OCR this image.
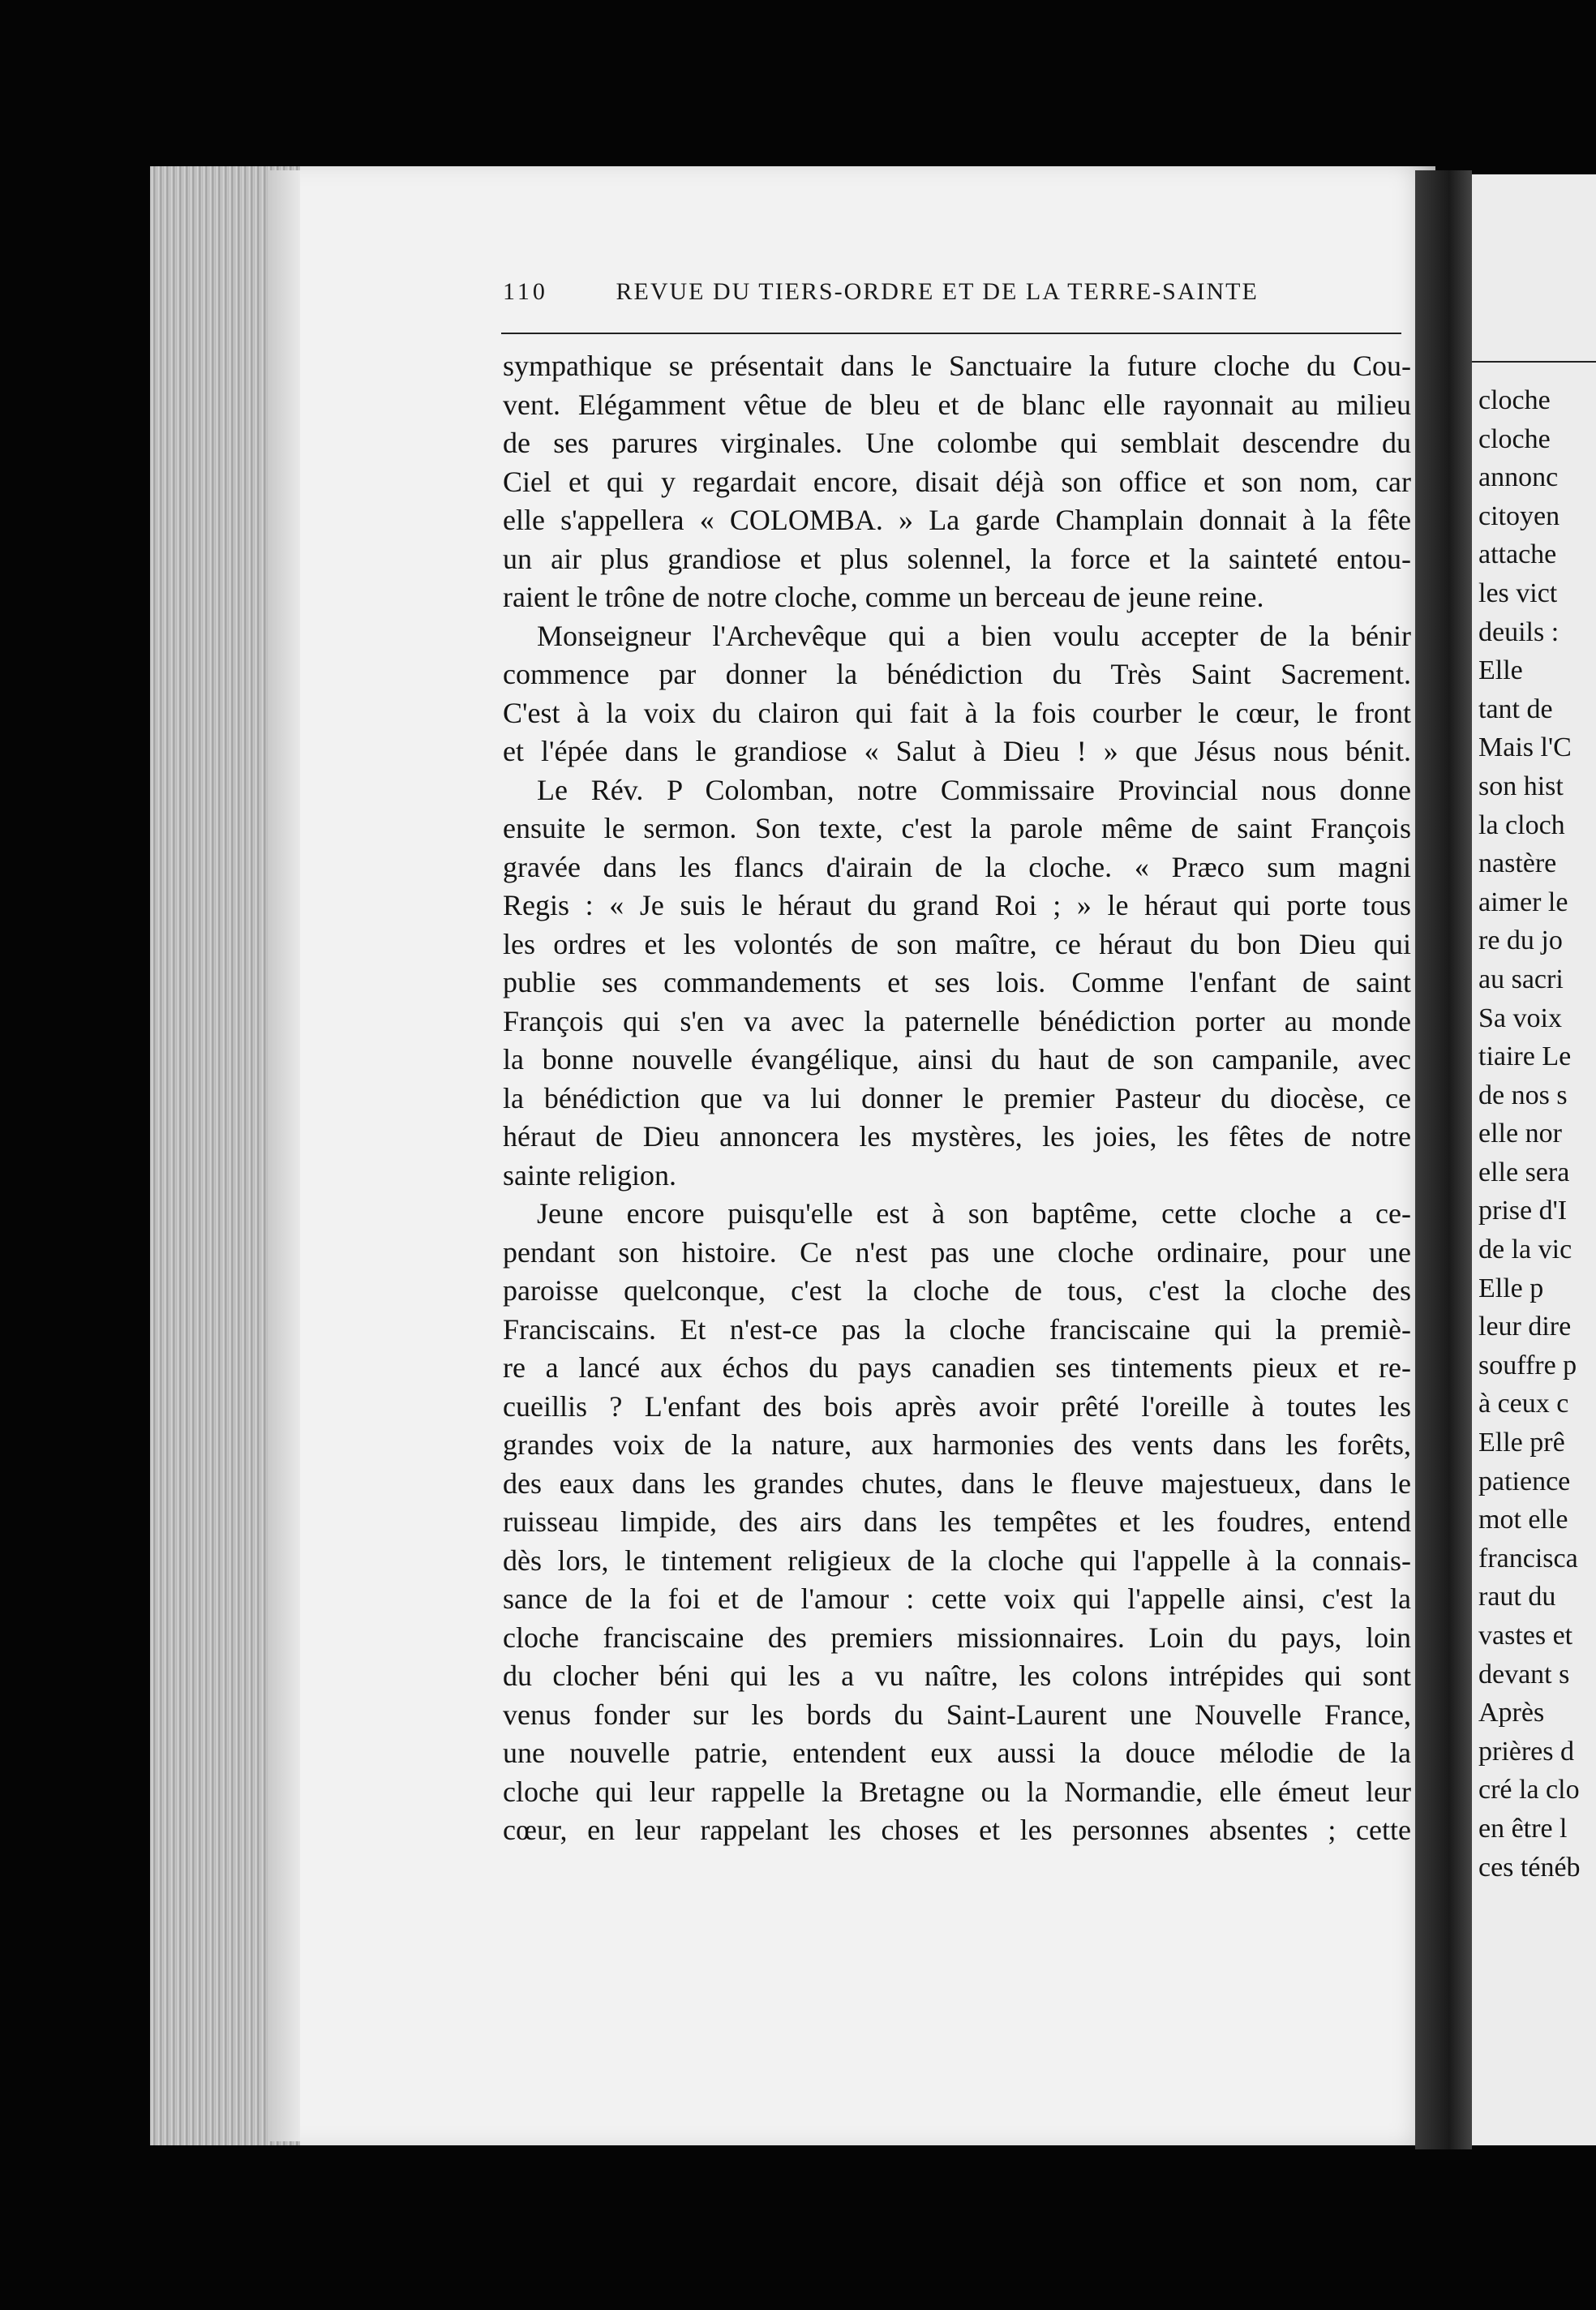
cloche
cloche
annonc
citoyen
attache
les vict
deuils :
Elle
tant de
Mais l'C
son hist
la cloch
nastère
aimer le
re du jo
au sacri
Sa voix
tiaire Le
de nos s
elle nor
elle sera
prise d'I
de la vic
Elle p
leur dire
souffre p
à ceux c
Elle prê
patience
mot elle
francisca
raut du
vastes et
devant s
Après
prières d
cré la clo
en être l
ces ténéb
110	REVUE DU TIERS-ORDRE ET DE LA TERRE-SAINTE
sympathique se présentait dans le Sanctuaire la future cloche du Cou-
vent. Elégamment vêtue de bleu et de blanc elle rayonnait au milieu
de ses parures virginales. Une colombe qui semblait descendre du
Ciel et qui y regardait encore, disait déjà son office et son nom, car
elle s'appellera « COLOMBA. » La garde Champlain donnait à la fête
un air plus grandiose et plus solennel, la force et la sainteté entou-
raient le trône de notre cloche, comme un berceau de jeune reine.
Monseigneur l'Archevêque qui a bien voulu accepter de la bénir
commence par donner la bénédiction du Très Saint Sacrement.
C'est à la voix du clairon qui fait à la fois courber le cœur, le front
et l'épée dans le grandiose « Salut à Dieu ! » que Jésus nous bénit.
Le Rév. P Colomban, notre Commissaire Provincial nous donne
ensuite le sermon. Son texte, c'est la parole même de saint François
gravée dans les flancs d'airain de la cloche. « Præco sum magni
Regis : « Je suis le héraut du grand Roi ; » le héraut qui porte tous
les ordres et les volontés de son maître, ce héraut du bon Dieu qui
publie ses commandements et ses lois. Comme l'enfant de saint
François qui s'en va avec la paternelle bénédiction porter au monde
la bonne nouvelle évangélique, ainsi du haut de son campanile, avec
la bénédiction que va lui donner le premier Pasteur du diocèse, ce
héraut de Dieu annoncera les mystères, les joies, les fêtes de notre
sainte religion.
Jeune encore puisqu'elle est à son baptême, cette cloche a ce-
pendant son histoire. Ce n'est pas une cloche ordinaire, pour une
paroisse quelconque, c'est la cloche de tous, c'est la cloche des
Franciscains. Et n'est-ce pas la cloche franciscaine qui la premiè-
re a lancé aux échos du pays canadien ses tintements pieux et re-
cueillis ? L'enfant des bois après avoir prêté l'oreille à toutes les
grandes voix de la nature, aux harmonies des vents dans les forêts,
des eaux dans les grandes chutes, dans le fleuve majestueux, dans le
ruisseau limpide, des airs dans les tempêtes et les foudres, entend
dès lors, le tintement religieux de la cloche qui l'appelle à la connais-
sance de la foi et de l'amour : cette voix qui l'appelle ainsi, c'est la
cloche franciscaine des premiers missionnaires. Loin du pays, loin
du clocher béni qui les a vu naître, les colons intrépides qui sont
venus fonder sur les bords du Saint-Laurent une Nouvelle France,
une nouvelle patrie, entendent eux aussi la douce mélodie de la
cloche qui leur rappelle la Bretagne ou la Normandie, elle émeut leur
cœur, en leur rappelant les choses et les personnes absentes ; cette
